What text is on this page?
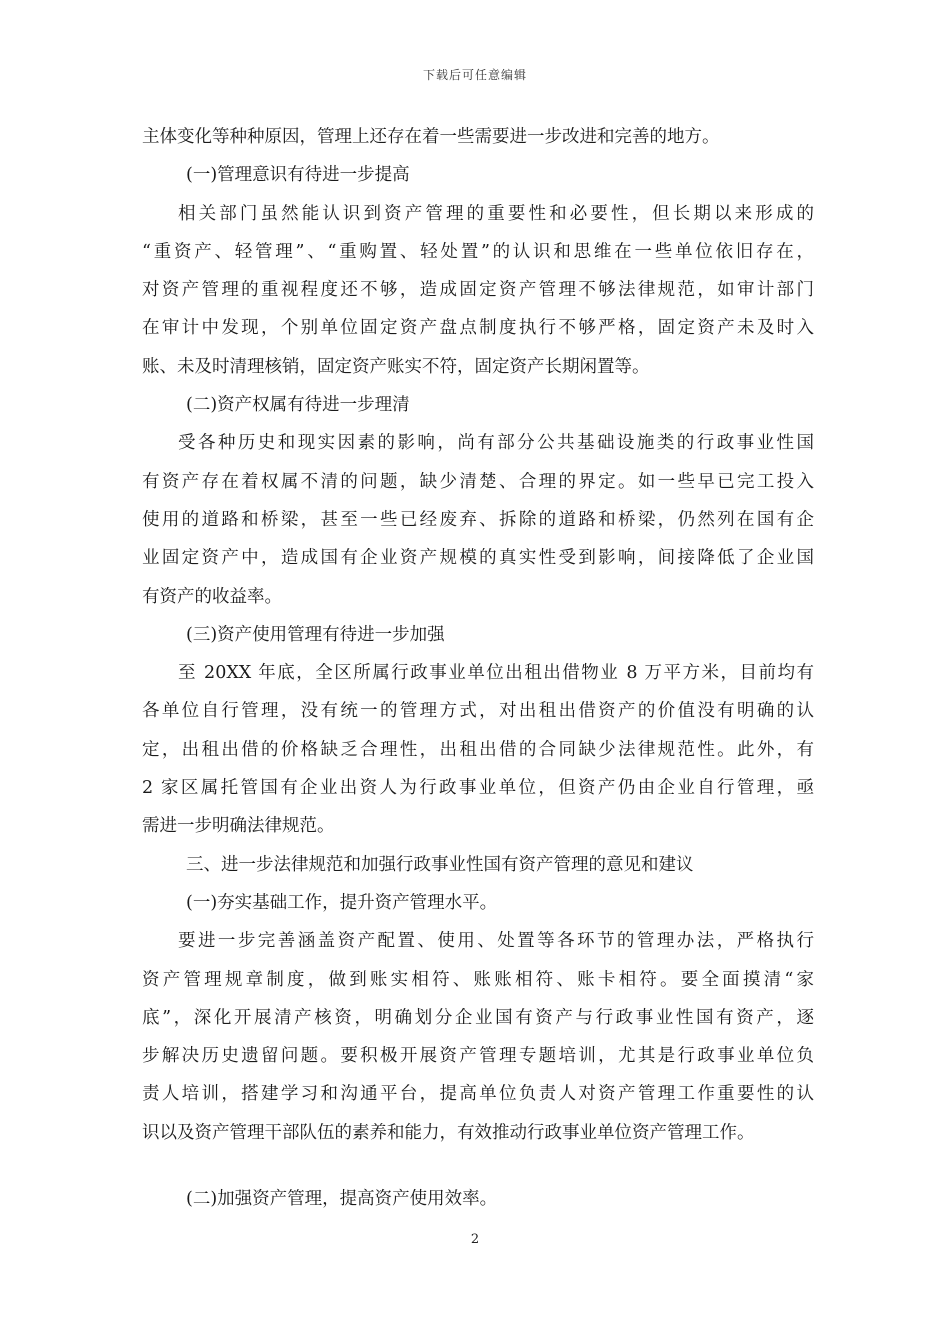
下载后可任意编辑
主体变化等种种原因，管理上还存在着一些需要进一步改进和完善的地方。
(一)管理意识有待进一步提高
相关部门虽然能认识到资产管理的重要性和必要性，但长期以来形成的
“重资产、轻管理”、“重购置、轻处置”的认识和思维在一些单位依旧存在，
对资产管理的重视程度还不够，造成固定资产管理不够法律规范，如审计部门
在审计中发现，个别单位固定资产盘点制度执行不够严格，固定资产未及时入
账、未及时清理核销，固定资产账实不符，固定资产长期闲置等。
(二)资产权属有待进一步理清
受各种历史和现实因素的影响，尚有部分公共基础设施类的行政事业性国
有资产存在着权属不清的问题，缺少清楚、合理的界定。如一些早已完工投入
使用的道路和桥梁，甚至一些已经废弃、拆除的道路和桥梁，仍然列在国有企
业固定资产中，造成国有企业资产规模的真实性受到影响，间接降低了企业国
有资产的收益率。
(三)资产使用管理有待进一步加强
至 20XX 年底，全区所属行政事业单位出租出借物业 8 万平方米，目前均有
各单位自行管理，没有统一的管理方式，对出租出借资产的价值没有明确的认
定，出租出借的价格缺乏合理性，出租出借的合同缺少法律规范性。此外，有
2 家区属托管国有企业出资人为行政事业单位，但资产仍由企业自行管理，亟
需进一步明确法律规范。
三、进一步法律规范和加强行政事业性国有资产管理的意见和建议
(一)夯实基础工作，提升资产管理水平。
要进一步完善涵盖资产配置、使用、处置等各环节的管理办法，严格执行
资产管理规章制度，做到账实相符、账账相符、账卡相符。要全面摸清“家
底”，深化开展清产核资，明确划分企业国有资产与行政事业性国有资产，逐
步解决历史遗留问题。要积极开展资产管理专题培训，尤其是行政事业单位负
责人培训，搭建学习和沟通平台，提高单位负责人对资产管理工作重要性的认
识以及资产管理干部队伍的素养和能力，有效推动行政事业单位资产管理工作。
(二)加强资产管理，提高资产使用效率。
2
